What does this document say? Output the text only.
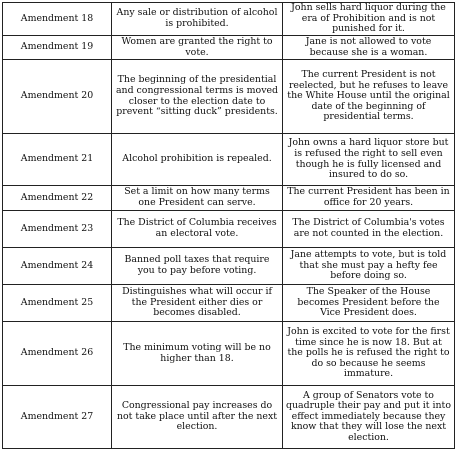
Amendment 18	Any sale or distribution of alcohol is prohibited.	John sells hard liquor during the era of Prohibition and is not punished for it.
Amendment 19	Women are granted the right to vote.	Jane is not allowed to vote because she is a woman.
Amendment 20	The beginning of the presidential and congressional terms is moved closer to the election date to prevent “sitting duck” presidents.	The current President is not reelected, but he refuses to leave the White House until the original date of the beginning of presidential terms.
Amendment 21	Alcohol prohibition is repealed.	John owns a hard liquor store but is refused the right to sell even though he is fully licensed and insured to do so.
Amendment 22	Set a limit on how many terms one President can serve.	The current President has been in office for 20 years.
Amendment 23	The District of Columbia receives an electoral vote.	The District of Columbia's votes are not counted in the election.
Amendment 24	Banned poll taxes that require you to pay before voting.	Jane attempts to vote, but is told that she must pay a hefty fee before doing so.
Amendment 25	Distinguishes what will occur if the President either dies or becomes disabled.	The Speaker of the House becomes President before the Vice President does.
Amendment 26	The minimum voting will be no higher than 18.	John is excited to vote for the first time since he is now 18. But at the polls he is refused the right to do so because he seems immature.
Amendment 27	Congressional pay increases do not take place until after the next election.	A group of Senators vote to quadruple their pay and put it into effect immediately because they know that they will lose the next election.
